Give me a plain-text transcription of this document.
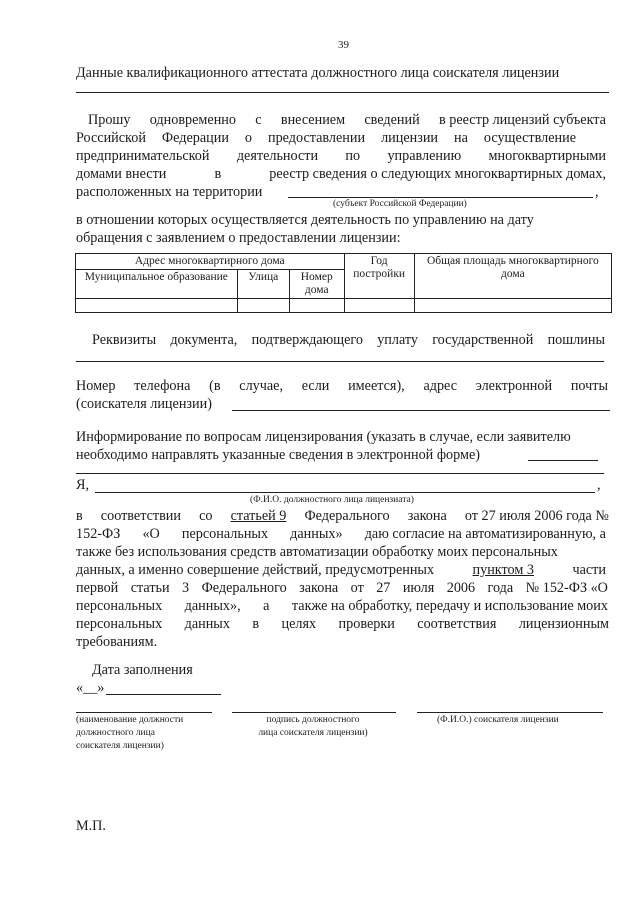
39
Данные квалификационного аттестата должностного лица соискателя лицензии
Прошу одновременно с внесением сведений в реестр лицензий субъекта
Российской Федерации о предоставлении лицензии на осуществление
предпринимательской деятельности по управлению многоквартирными
домами внести	в	реестр сведения о следующих многоквартирных домах,
расположенных на территории	,
(субъект Российской Федерации)
в отношении которых осуществляется деятельность по управлению на дату
обращения с заявлением о предоставлении лицензии:
Адрес многоквартирного дома			Год постройки	Общая площадь многоквартирного дома
Муниципальное образование	Улица	Номер дома		

Реквизиты документа, подтверждающего уплату государственной пошлины
Номер телефона (в случае, если имеется), адрес электронной почты
(соискателя лицензии)
Информирование по вопросам лицензирования (указать в случае, если заявителю
необходимо направлять указанные сведения в электронной форме)
Я,	,
(Ф.И.О. должностного лица лицензиата)
в соответствии со статьей 9 Федерального закона от 27 июля 2006 года №
152-ФЗ «О персональных данных» даю согласие на автоматизированную, а
также без использования средств автоматизации обработку моих персональных
данных, а именно совершение действий, предусмотренных	пунктом 3	части
первой статьи 3 Федерального закона от 27 июля 2006 года № 152-ФЗ «О
персональных данных», а также на обработку, передачу и использование моих
персональных данных в целях проверки соответствия лицензионным
требованиям.
Дата заполнения
«__»
(наименование должности
должностного лица
соискателя лицензии)
подпись должностного
лица соискателя лицензии)
(Ф.И.О.) соискателя лицензии
М.П.
